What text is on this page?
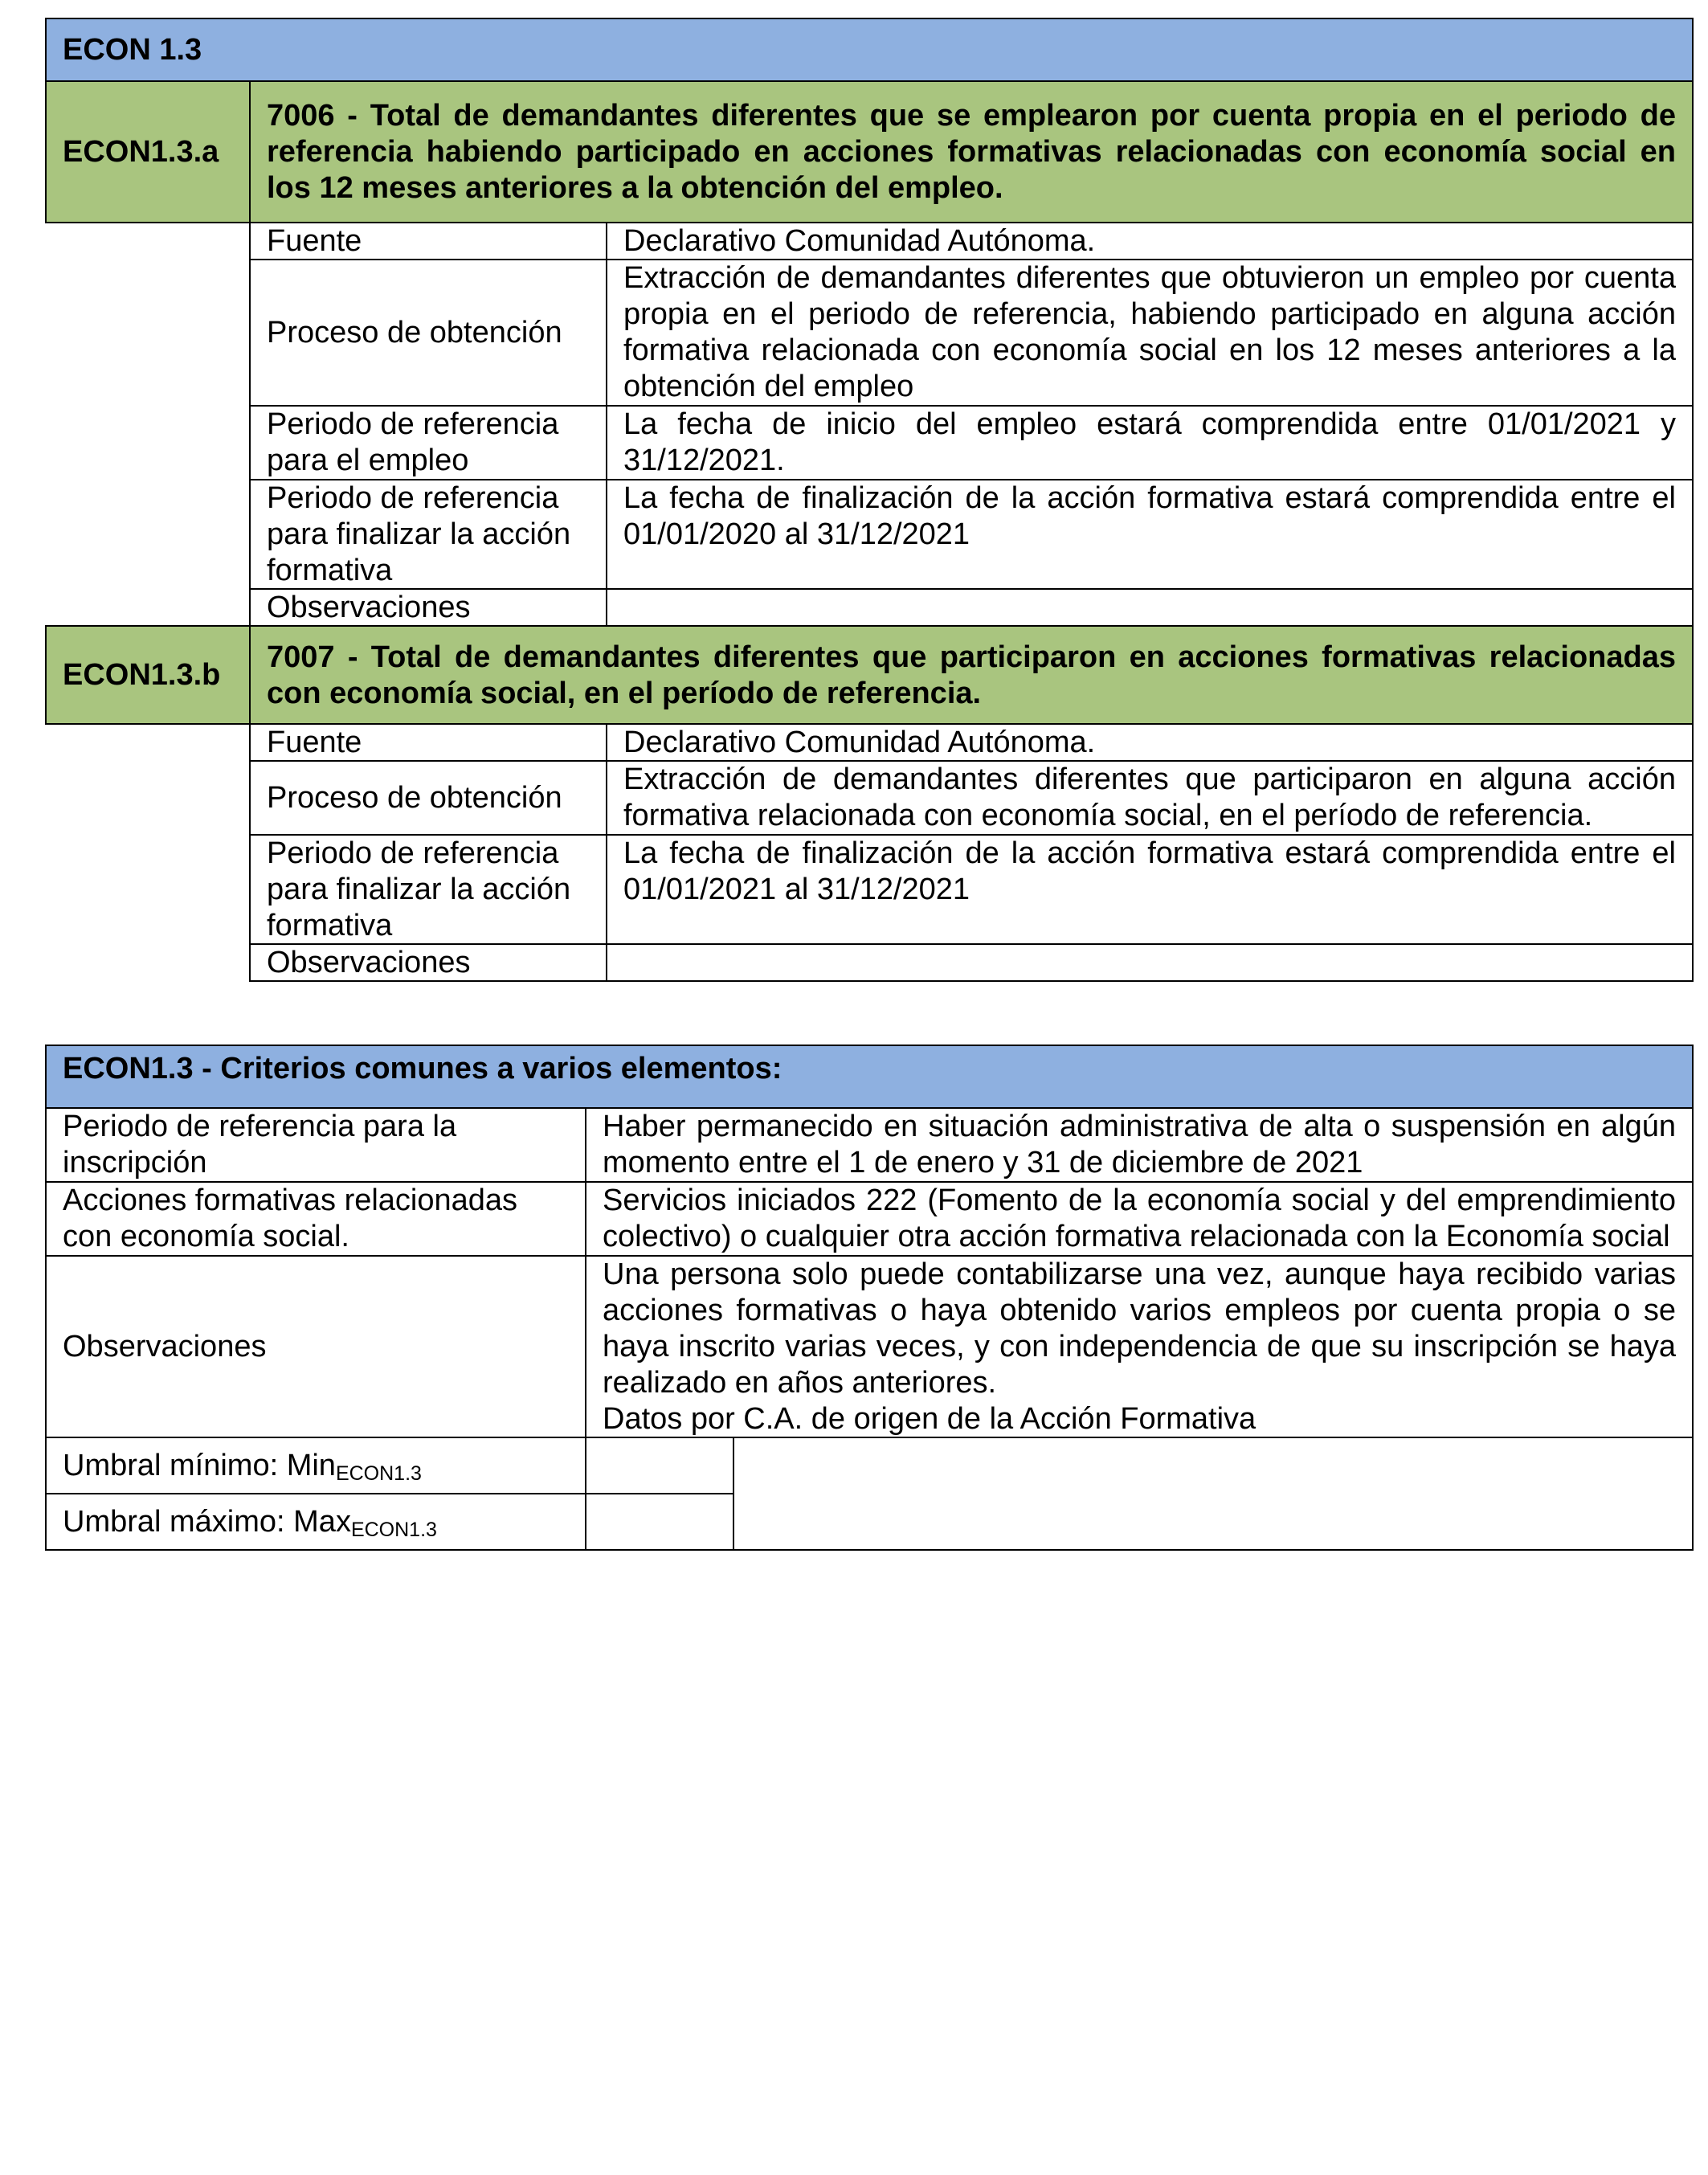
ECON 1.3
ECON1.3.a
7006 - Total de demandantes diferentes que se emplearon por cuenta propia en el periodo de referencia habiendo participado en acciones formativas relacionadas con economía social en los 12 meses anteriores a la obtención del empleo.
Fuente	Declarativo Comunidad Autónoma.
Proceso de obtención
Extracción de demandantes diferentes que obtuvieron un empleo por cuenta propia en el periodo de referencia, habiendo participado en alguna acción formativa relacionada con economía social en los 12 meses anteriores a la obtención del empleo
Periodo de referencia para el empleo
La fecha de inicio del empleo estará comprendida entre 01/01/2021 y 31/12/2021.
Periodo de referencia para finalizar la acción formativa
La fecha de finalización de la acción formativa estará comprendida entre el 01/01/2020 al 31/12/2021
Observaciones
ECON1.3.b
7007 - Total de demandantes diferentes que participaron en acciones formativas relacionadas con economía social, en el período de referencia.
Fuente	Declarativo Comunidad Autónoma.
Proceso de obtención
Extracción de demandantes diferentes que participaron en alguna acción formativa relacionada con economía social, en el período de referencia.
Periodo de referencia para finalizar la acción formativa
La fecha de finalización de la acción formativa estará comprendida entre el 01/01/2021 al 31/12/2021
Observaciones
ECON1.3 - Criterios comunes a varios elementos:
Periodo de referencia para la inscripción
Haber permanecido en situación administrativa de alta o suspensión en algún momento entre el 1 de enero y 31 de diciembre de 2021
Acciones formativas relacionadas con economía social.
Servicios iniciados 222 (Fomento de la economía social y del emprendimiento colectivo) o cualquier otra acción formativa relacionada con la Economía social
Observaciones
Una persona solo puede contabilizarse una vez, aunque haya recibido varias acciones formativas o haya obtenido varios empleos por cuenta propia o se haya inscrito varias veces, y con independencia de que su inscripción se haya realizado en años anteriores.
Datos por C.A. de origen de la Acción Formativa
Umbral mínimo: Min$_{ECON1.3}$
Umbral máximo: Max$_{ECON1.3}$
